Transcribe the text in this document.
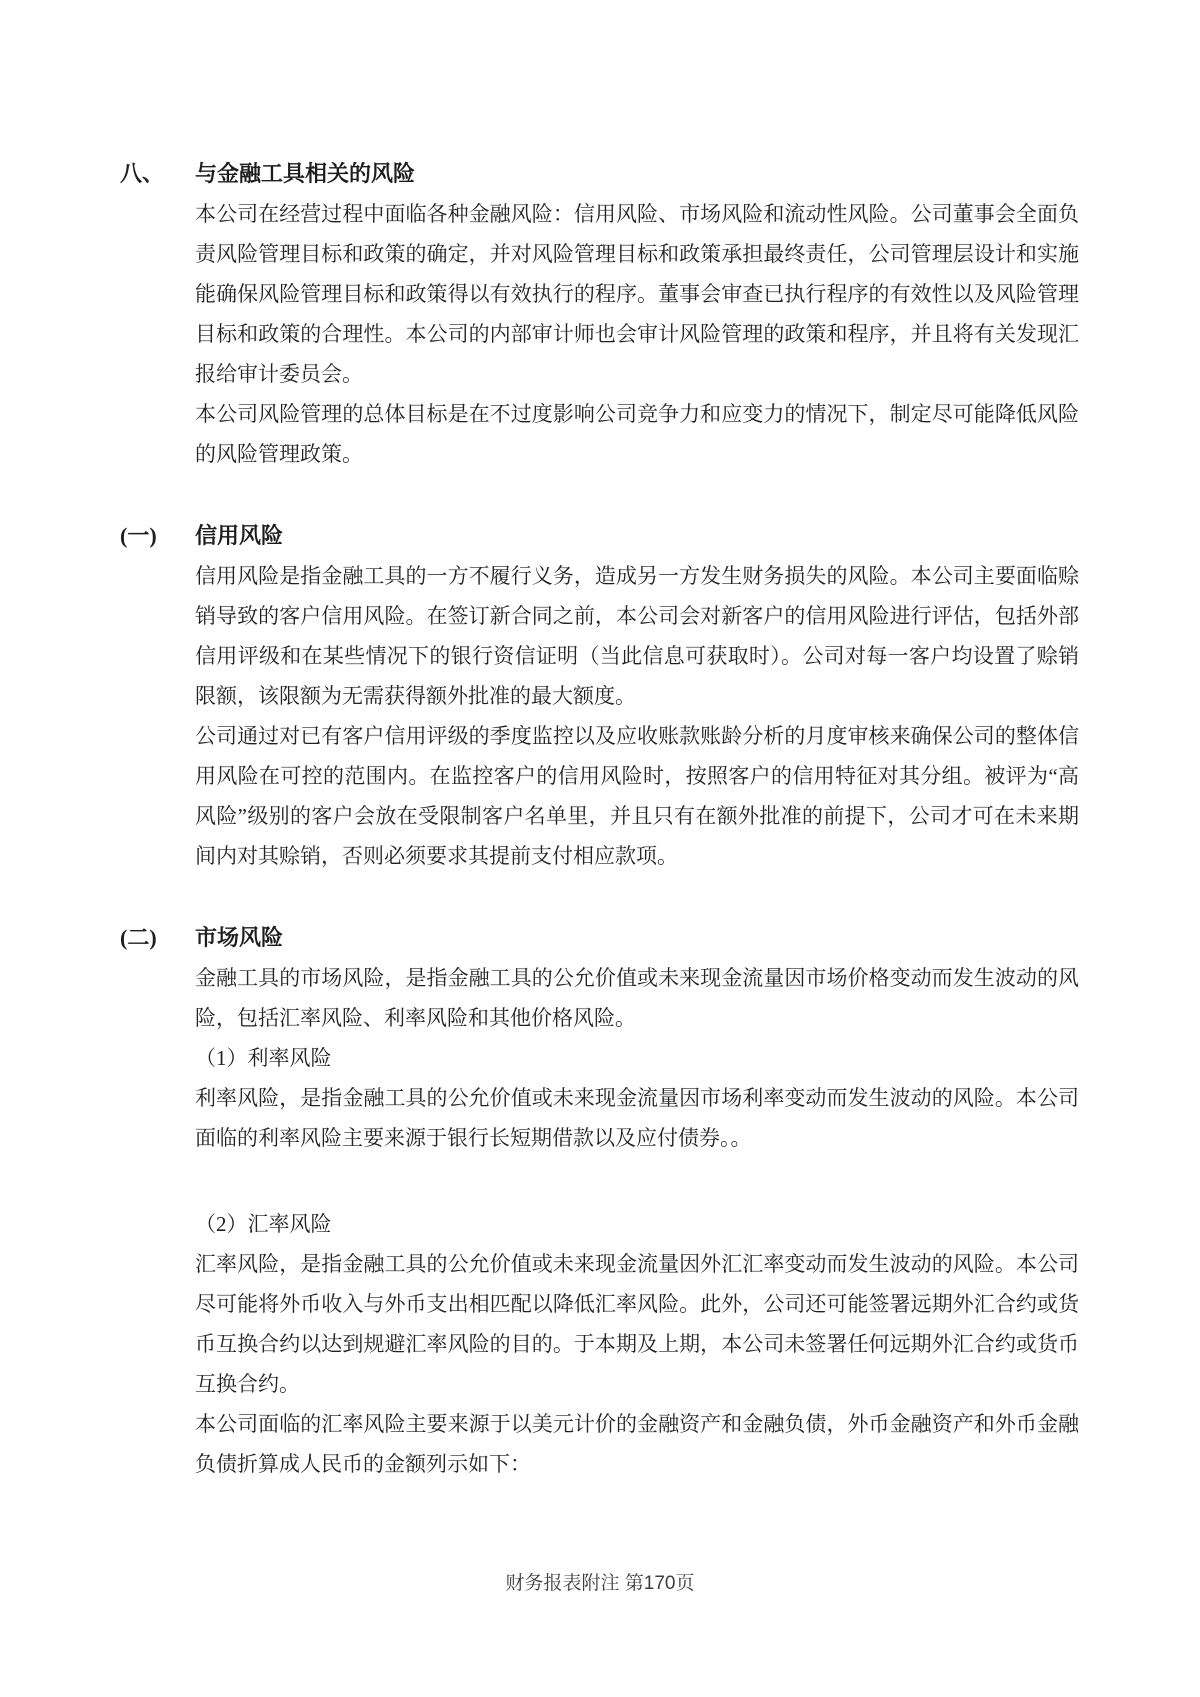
八、	与金融工具相关的风险

本公司在经营过程中面临各种金融风险：信用风险、市场风险和流动性风险。公司董事会全面负责风险管理目标和政策的确定，并对风险管理目标和政策承担最终责任，公司管理层设计和实施能确保风险管理目标和政策得以有效执行的程序。董事会审查已执行程序的有效性以及风险管理目标和政策的合理性。本公司的内部审计师也会审计风险管理的政策和程序，并且将有关发现汇报给审计委员会。

本公司风险管理的总体目标是在不过度影响公司竞争力和应变力的情况下，制定尽可能降低风险的风险管理政策。

(一)	信用风险

信用风险是指金融工具的一方不履行义务，造成另一方发生财务损失的风险。本公司主要面临赊销导致的客户信用风险。在签订新合同之前，本公司会对新客户的信用风险进行评估，包括外部信用评级和在某些情况下的银行资信证明（当此信息可获取时）。公司对每一客户均设置了赊销限额，该限额为无需获得额外批准的最大额度。

公司通过对已有客户信用评级的季度监控以及应收账款账龄分析的月度审核来确保公司的整体信用风险在可控的范围内。在监控客户的信用风险时，按照客户的信用特征对其分组。被评为“高风险”级别的客户会放在受限制客户名单里，并且只有在额外批准的前提下，公司才可在未来期间内对其赊销，否则必须要求其提前支付相应款项。

(二)	市场风险

金融工具的市场风险，是指金融工具的公允价值或未来现金流量因市场价格变动而发生波动的风险，包括汇率风险、利率风险和其他价格风险。

（1）利率风险

利率风险，是指金融工具的公允价值或未来现金流量因市场利率变动而发生波动的风险。本公司面临的利率风险主要来源于银行长短期借款以及应付债券。。

（2）汇率风险

汇率风险，是指金融工具的公允价值或未来现金流量因外汇汇率变动而发生波动的风险。本公司尽可能将外币收入与外币支出相匹配以降低汇率风险。此外，公司还可能签署远期外汇合约或货币互换合约以达到规避汇率风险的目的。于本期及上期，本公司未签署任何远期外汇合约或货币互换合约。

本公司面临的汇率风险主要来源于以美元计价的金融资产和金融负债，外币金融资产和外币金融负债折算成人民币的金额列示如下：

财务报表附注 第170页
